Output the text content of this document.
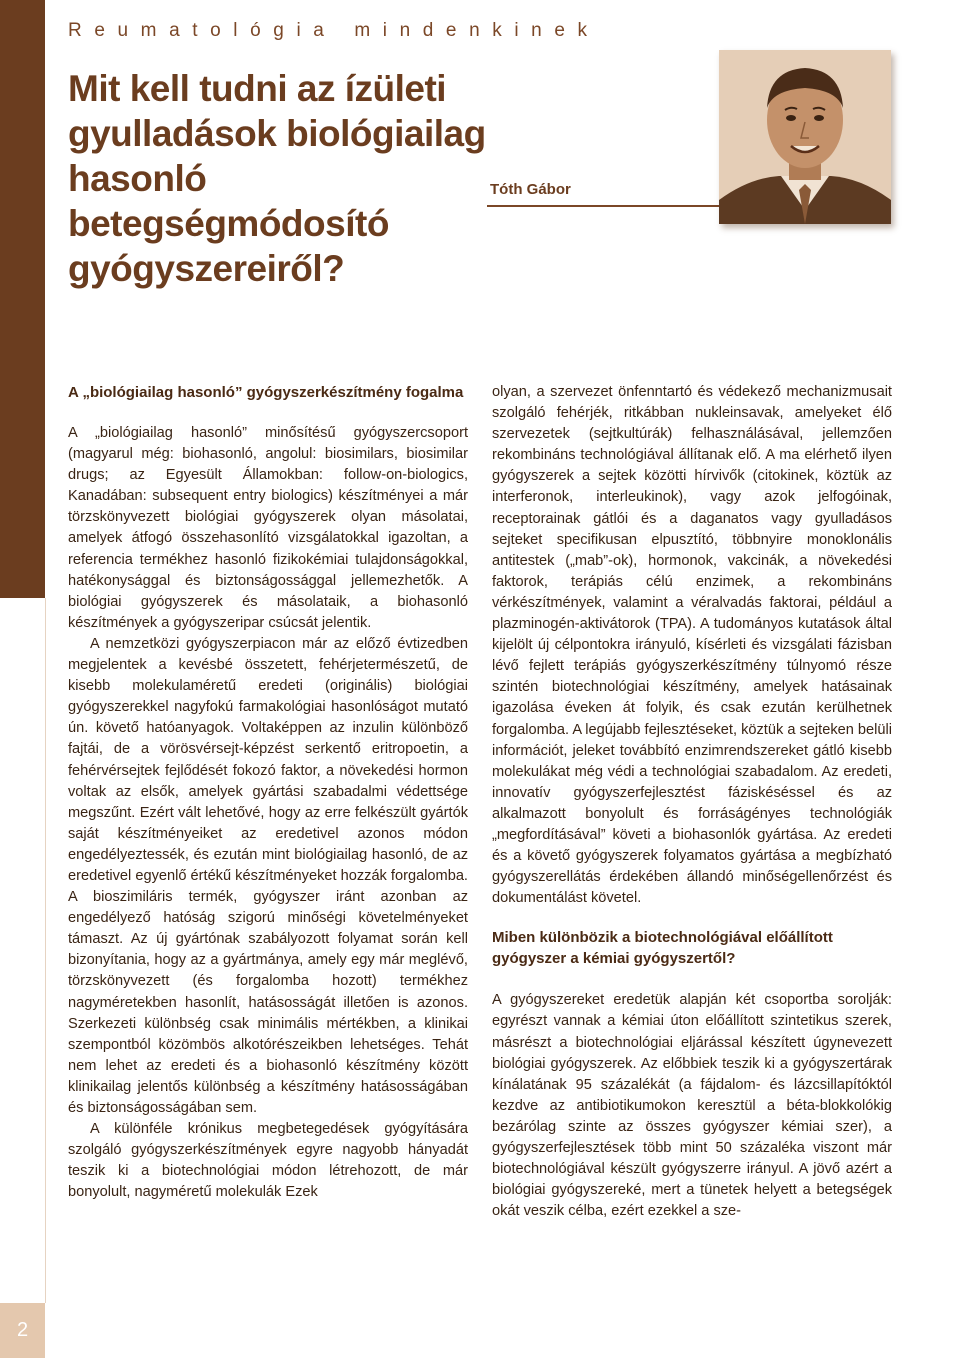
2
Reumatológia mindenkinek
Mit kell tudni az ízületi gyulladások biológiailag hasonló betegségmódosító gyógyszereiről?
Tóth Gábor
A „biológiailag hasonló” gyógyszerkészítmény fogalma

A „biológiailag hasonló” minősítésű gyógyszercsoport (magyarul még: biohasonló, angolul: biosimilars, biosimilar drugs; az Egyesült Államokban: follow-on-biologics, Kanadában: subsequent entry biologics) készítményei a már törzskönyvezett biológiai gyógyszerek olyan másolatai, amelyek átfogó összehasonlító vizsgálatokkal igazoltan, a referencia termékhez hasonló fizikokémiai tulajdonságokkal, hatékonysággal és biztonságossággal jellemezhetők. A biológiai gyógyszerek és másolataik, a biohasonló készítmények a gyógyszeripar csúcsát jelentik.

A nemzetközi gyógyszerpiacon már az előző évtizedben megjelentek a kevésbé összetett, fehérjetermészetű, de kisebb molekulaméretű eredeti (originális) biológiai gyógyszerekkel nagyfokú farmakológiai hasonlóságot mutató ún. követő hatóanyagok. Voltaképpen az inzulin különböző fajtái, de a vörösvérsejt-képzést serkentő eritropoetin, a fehérvérsejtek fejlődését fokozó faktor, a növekedési hormon voltak az elsők, amelyek gyártási szabadalmi védettsége megszűnt. Ezért vált lehetővé, hogy az erre felkészült gyártók saját készítményeiket az eredetivel azonos módon engedélyeztessék, és ezután mint biológiailag hasonló, de az eredetivel egyenlő értékű készítményeket hozzák forgalomba. A bioszimiláris termék, gyógyszer iránt azonban az engedélyező hatóság szigorú minőségi követelményeket támaszt. Az új gyártónak szabályozott folyamat során kell bizonyítania, hogy az a gyártmánya, amely egy már meglévő, törzskönyvezett (és forgalomba hozott) termékhez nagyméretekben hasonlít, hatásosságát illetően is azonos. Szerkezeti különbség csak minimális mértékben, a klinikai szempontból közömbös alkotórészeikben lehetséges. Tehát nem lehet az eredeti és a biohasonló készítmény között klinikailag jelentős különbség a készítmény hatásosságában és biztonságosságában sem.

A különféle krónikus megbetegedések gyógyítására szolgáló gyógyszerkészítmények egyre nagyobb hányadát teszik ki a biotechnológiai módon létrehozott, de már bonyolult, nagyméretű molekulák Ezek

olyan, a szervezet önfenntartó és védekező mechanizmusait szolgáló fehérjék, ritkábban nukleinsavak, amelyeket élő szervezetek (sejtkultúrák) felhasználásával, jellemzően rekombináns technológiával állítanak elő. A ma elérhető ilyen gyógyszerek a sejtek közötti hírvivők (citokinek, köztük az interferonok, interleukinok), vagy azok jelfogóinak, receptorainak gátlói és a daganatos vagy gyulladásos sejteket specifikusan elpusztító, többnyire monoklonális antitestek („mab”-ok), hormonok, vakcinák, a növekedési faktorok, terápiás célú enzimek, a rekombináns vérkészítmények, valamint a véralvadás faktorai, például a plazminogén-aktivátorok (TPA). A tudományos kutatások által kijelölt új célpontokra irányuló, kísérleti és vizsgálati fázisban lévő fejlett terápiás gyógyszerkészítmény túlnyomó része szintén biotechnológiai készítmény, amelyek hatásainak igazolása éveken át folyik, és csak ezután kerülhetnek forgalomba. A legújabb fejlesztéseket, köztük a sejteken belüli információt, jeleket továbbító enzimrendszereket gátló kisebb molekulákat még védi a technológiai szabadalom. Az eredeti, innovatív gyógyszerfejlesztést fáziskéséssel és az alkalmazott bonyolult és forráságényes technológiák „megfordításával” követi a biohasonlók gyártása. Az eredeti és a követő gyógyszerek folyamatos gyártása a megbízható gyógyszerellátás érdekében állandó minőségellenőrzést és dokumentálást követel.

Miben különbözik a biotechnológiával előállított gyógyszer a kémiai gyógyszertől?

A gyógyszereket eredetük alapján két csoportba sorolják: egyrészt vannak a kémiai úton előállított szintetikus szerek, másrészt a biotechnológiai eljárással készített úgynevezett biológiai gyógyszerek. Az előbbiek teszik ki a gyógyszertárak kínálatának 95 százalékát (a fájdalom- és lázcsillapítóktól kezdve az antibiotikumokon keresztül a béta-blokkolókig bezárólag szinte az összes gyógyszer kémiai szer), a gyógyszerfejlesztések több mint 50 százaléka viszont már biotechnológiával készült gyógyszerre irányul. A jövő azért a biológiai gyógyszereké, mert a tünetek helyett a betegségek okát veszik célba, ezért ezekkel a sze-
